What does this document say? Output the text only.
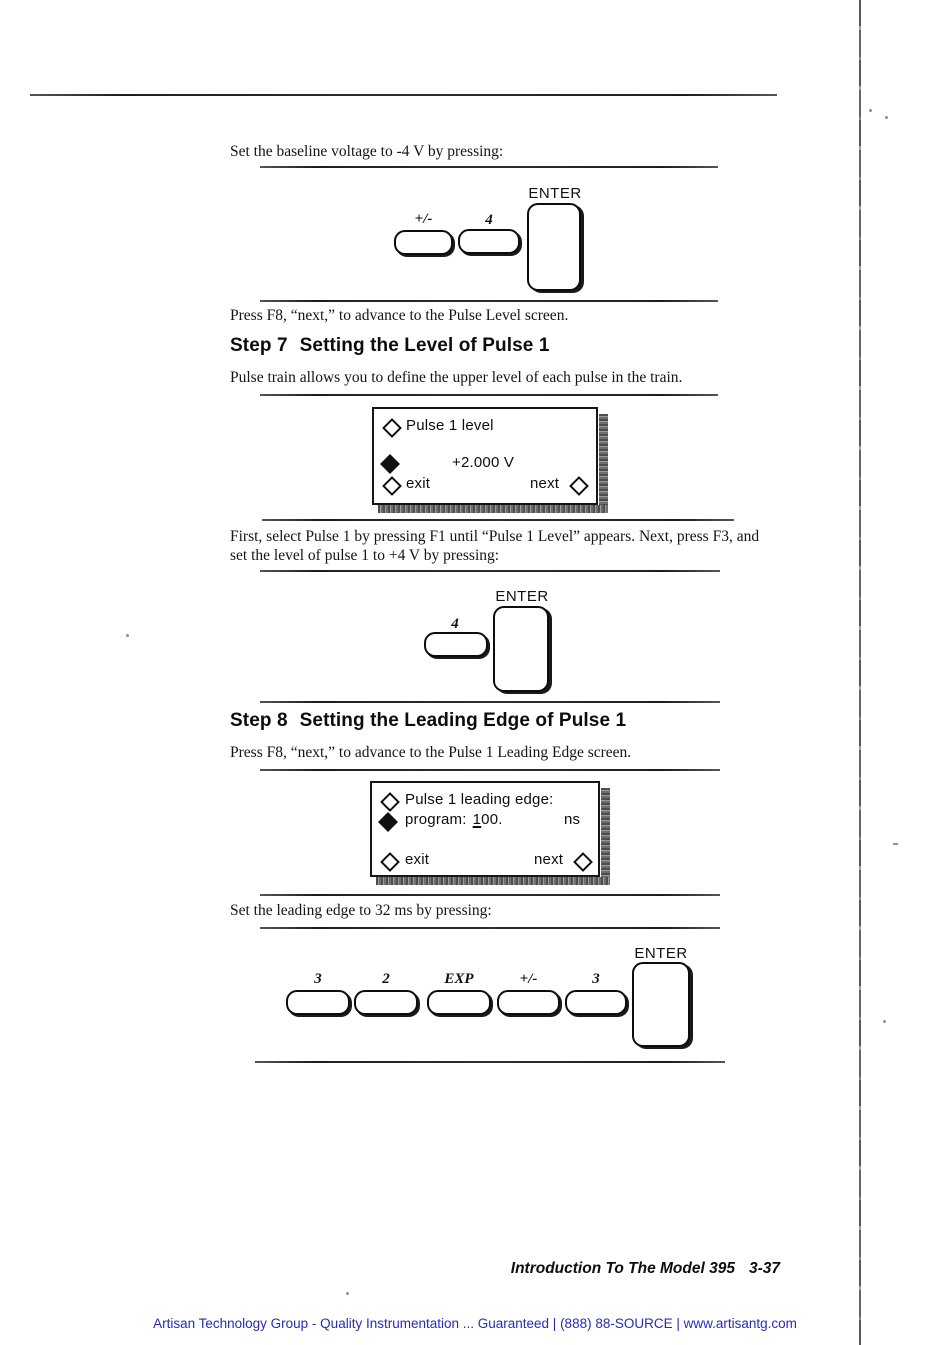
Set the baseline voltage to -4 V by pressing:
ENTER
+/-	4
Press F8, “next,” to advance to the Pulse Level screen.
Step 7 Setting the Level of Pulse 1
Pulse train allows you to define the upper level of each pulse in the train.
Pulse 1 level
+2.000 V
exit	next
First, select Pulse 1 by pressing F1 until “Pulse 1 Level” appears. Next, press F3, and
set the level of pulse 1 to +4 V by pressing:
ENTER
4
Step 8 Setting the Leading Edge of Pulse 1
Press F8, “next,” to advance to the Pulse 1 Leading Edge screen.
Pulse 1 leading edge:
program: 100.	ns
exit	next
Set the leading edge to 32 ms by pressing:
3	2	EXP	+/-	3
ENTER
Introduction To The Model 395 3-37
Artisan Technology Group - Quality Instrumentation ... Guaranteed | (888) 88-SOURCE | www.artisantg.com
